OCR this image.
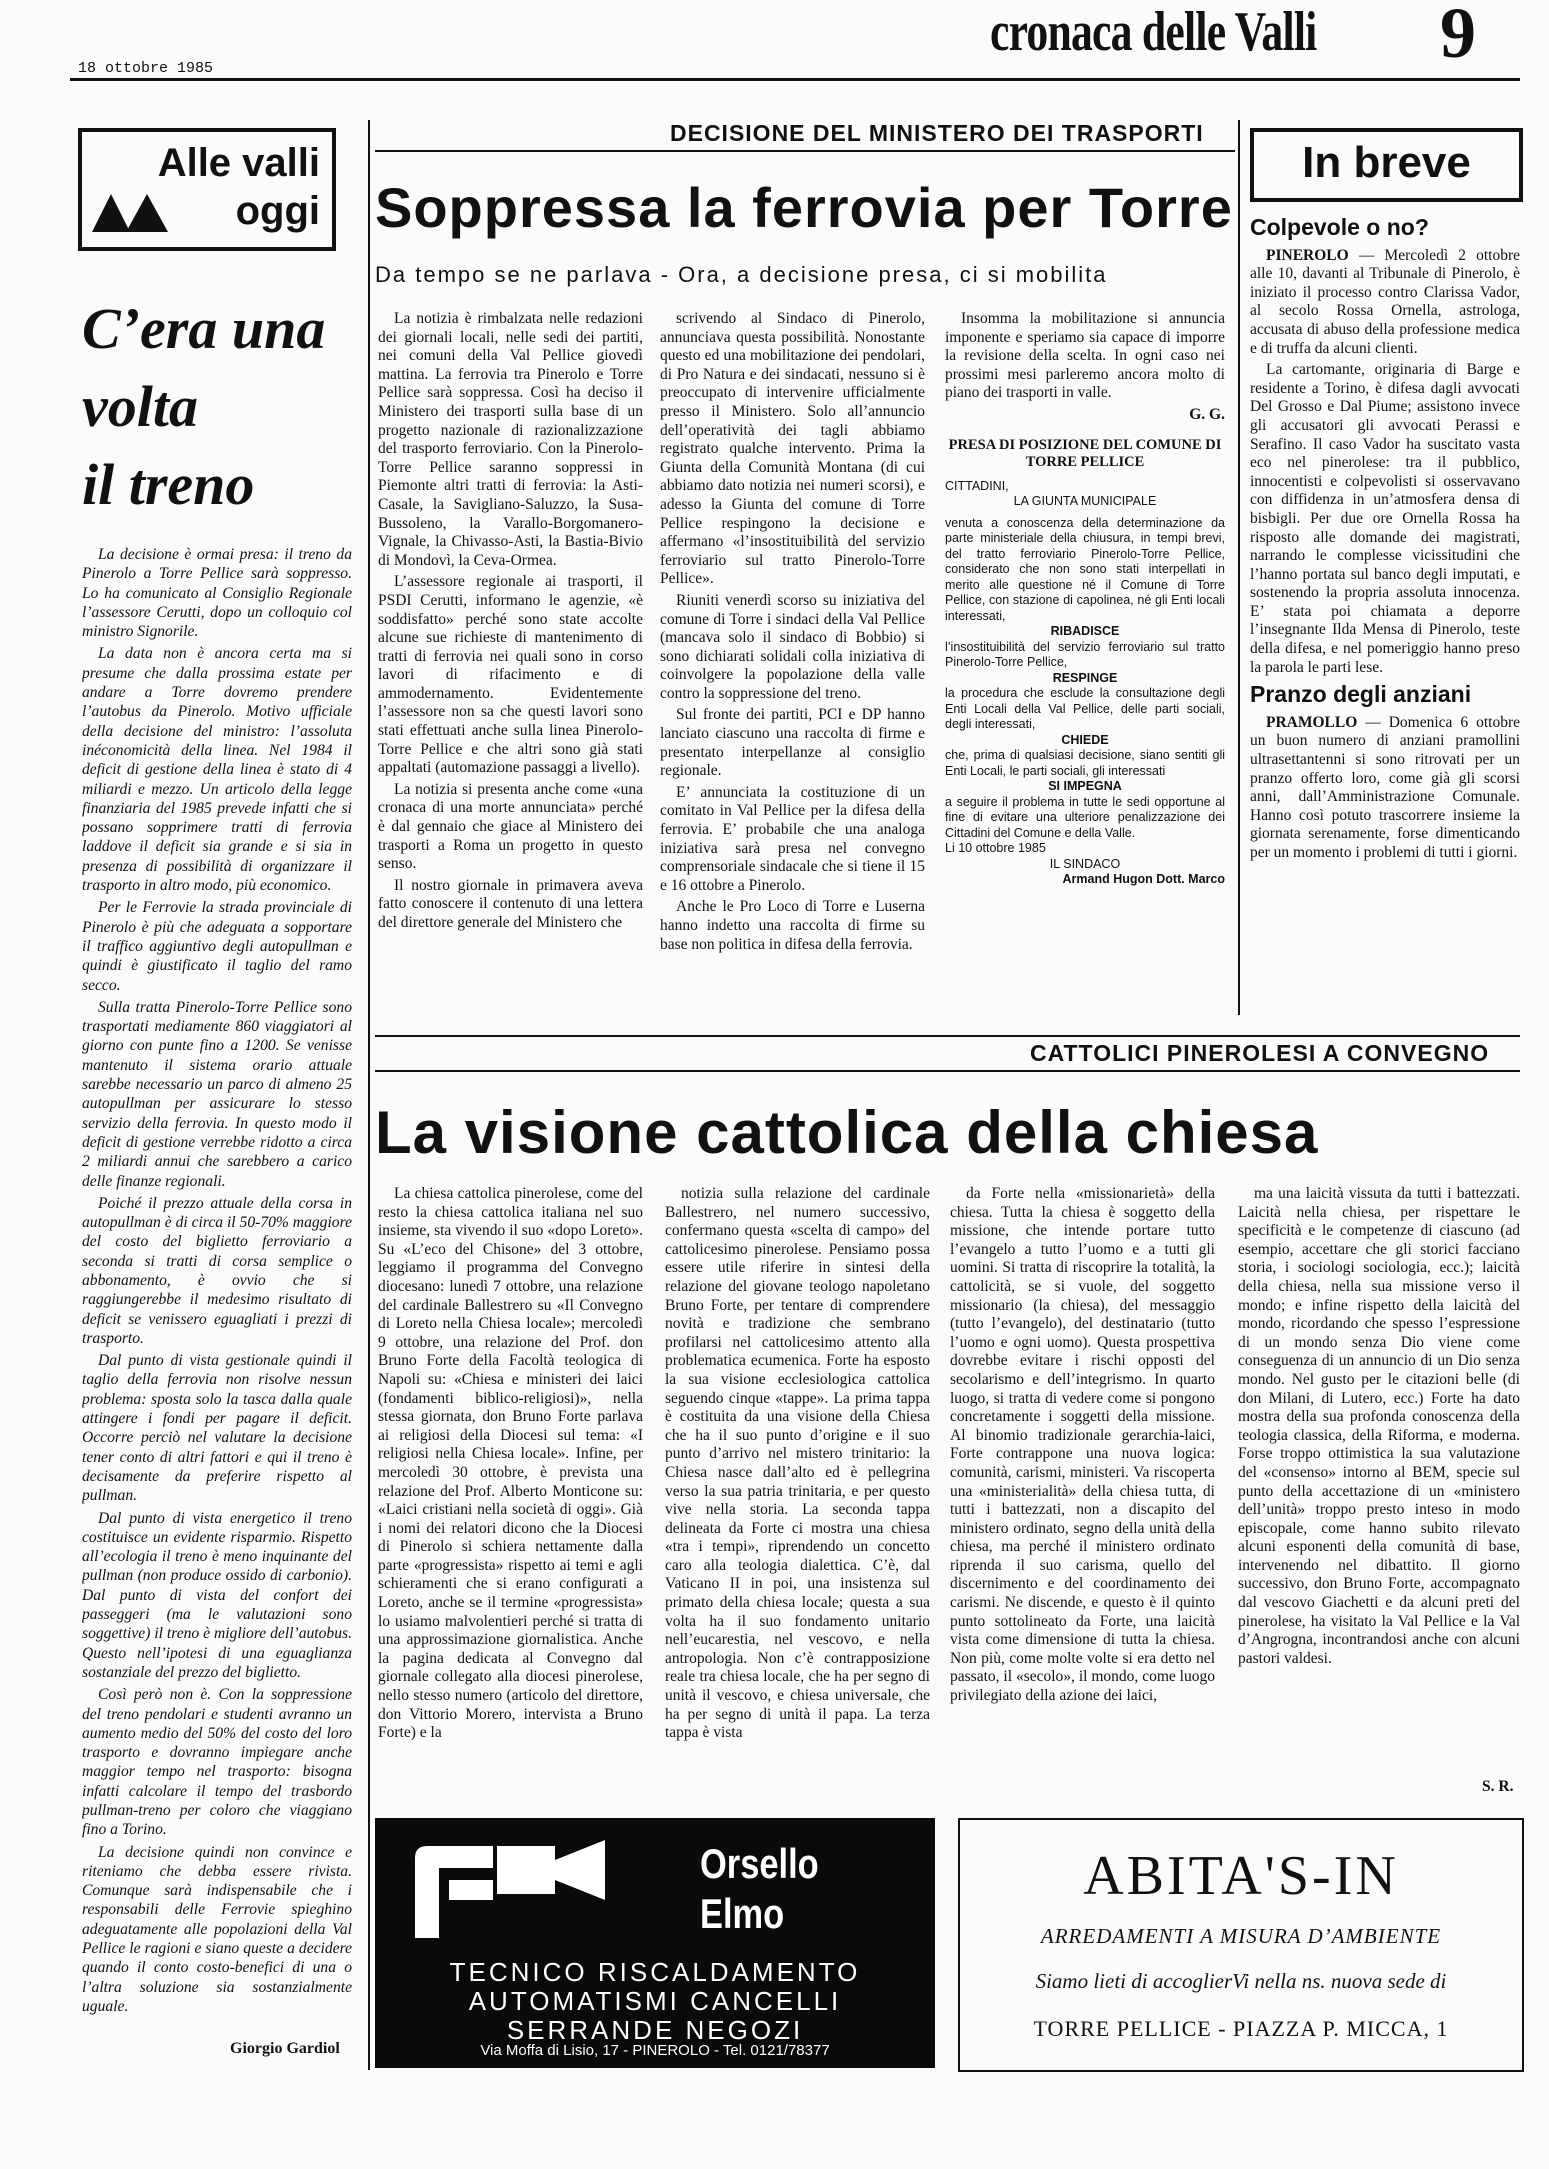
cronaca delle Valli 9
18 ottobre 1985
Alle valli
oggi
In breve
C’era una
volta
il treno

La decisione è ormai presa: il treno da Pinerolo a Torre Pellice sarà soppresso. Lo ha comunicato al Consiglio Regionale l’assessore Cerutti, dopo un colloquio col ministro Signorile.

La data non è ancora certa ma si presume che dalla prossima estate per andare a Torre dovremo prendere l’autobus da Pinerolo. Motivo ufficiale della decisione del ministro: l’assoluta inéconomicità della linea. Nel 1984 il deficit di gestione della linea è stato di 4 miliardi e mezzo. Un articolo della legge finanziaria del 1985 prevede infatti che si possano sopprimere tratti di ferrovia laddove il deficit sia grande e si sia in presenza di possibilità di organizzare il trasporto in altro modo, più economico.

Per le Ferrovie la strada provinciale di Pinerolo è più che adeguata a sopportare il traffico aggiuntivo degli autopullman e quindi è giustificato il taglio del ramo secco.

Sulla tratta Pinerolo-Torre Pellice sono trasportati mediamente 860 viaggiatori al giorno con punte fino a 1200. Se venisse mantenuto il sistema orario attuale sarebbe necessario un parco di almeno 25 autopullman per assicurare lo stesso servizio della ferrovia. In questo modo il deficit di gestione verrebbe ridotto a circa 2 miliardi annui che sarebbero a carico delle finanze regionali.

Poiché il prezzo attuale della corsa in autopullman è di circa il 50-70% maggiore del costo del biglietto ferroviario a seconda si tratti di corsa semplice o abbonamento, è ovvio che si raggiungerebbe il medesimo risultato di deficit se venissero eguagliati i prezzi di trasporto.

Dal punto di vista gestionale quindi il taglio della ferrovia non risolve nessun problema: sposta solo la tasca dalla quale attingere i fondi per pagare il deficit. Occorre perciò nel valutare la decisione tener conto di altri fattori e qui il treno è decisamente da preferire rispetto al pullman.

Dal punto di vista energetico il treno costituisce un evidente risparmio. Rispetto all’ecologia il treno è meno inquinante del pullman (non produce ossido di carbonio). Dal punto di vista del confort dei passeggeri (ma le valutazioni sono soggettive) il treno è migliore dell’autobus. Questo nell’ipotesi di una eguaglianza sostanziale del prezzo del biglietto.

Così però non è. Con la soppressione del treno pendolari e studenti avranno un aumento medio del 50% del costo del loro trasporto e dovranno impiegare anche maggior tempo nel trasporto: bisogna infatti calcolare il tempo del trasbordo pullman-treno per coloro che viaggiano fino a Torino.

La decisione quindi non convince e riteniamo che debba essere rivista. Comunque sarà indispensabile che i responsabili delle Ferrovie spieghino adeguatamente alle popolazioni della Val Pellice le ragioni e siano queste a decidere quando il conto costo-benefici di una o l’altra soluzione sia sostanzialmente uguale.

Giorgio Gardiol
DECISIONE DEL MINISTERO DEI TRASPORTI
Soppressa la ferrovia per Torre
Da tempo se ne parlava - Ora, a decisione presa, ci si mobilita

La notizia è rimbalzata nelle redazioni dei giornali locali, nelle sedi dei partiti, nei comuni della Val Pellice giovedì mattina. La ferrovia tra Pinerolo e Torre Pellice sarà soppressa. Così ha deciso il Ministero dei trasporti sulla base di un progetto nazionale di razionalizzazione del trasporto ferroviario. Con la Pinerolo-Torre Pellice saranno soppressi in Piemonte altri tratti di ferrovia: la Asti-Casale, la Savigliano-Saluzzo, la Susa-Bussoleno, la Varallo-Borgomanero-Vignale, la Chivasso-Asti, la Bastia-Bivio di Mondovì, la Ceva-Ormea.

L’assessore regionale ai trasporti, il PSDI Cerutti, informano le agenzie, «è soddisfatto» perché sono state accolte alcune sue richieste di mantenimento di tratti di ferrovia nei quali sono in corso lavori di rifacimento e di ammodernamento. Evidentemente l’assessore non sa che questi lavori sono stati effettuati anche sulla linea Pinerolo-Torre Pellice e che altri sono già stati appaltati (automazione passaggi a livello).

La notizia si presenta anche come «una cronaca di una morte annunciata» perché è dal gennaio che giace al Ministero dei trasporti a Roma un progetto in questo senso.

Il nostro giornale in primavera aveva fatto conoscere il contenuto di una lettera del direttore generale del Ministero che

scrivendo al Sindaco di Pinerolo, annunciava questa possibilità. Nonostante questo ed una mobilitazione dei pendolari, di Pro Natura e dei sindacati, nessuno si è preoccupato di intervenire ufficialmente presso il Ministero. Solo all’annuncio dell’operatività dei tagli abbiamo registrato qualche intervento. Prima la Giunta della Comunità Montana (di cui abbiamo dato notizia nei numeri scorsi), e adesso la Giunta del comune di Torre Pellice respingono la decisione e affermano «l’insostituibilità del servizio ferroviario sul tratto Pinerolo-Torre Pellice».

Riuniti venerdì scorso su iniziativa del comune di Torre i sindaci della Val Pellice (mancava solo il sindaco di Bobbio) si sono dichiarati solidali colla iniziativa di coinvolgere la popolazione della valle contro la soppressione del treno.

Sul fronte dei partiti, PCI e DP hanno lanciato ciascuno una raccolta di firme e presentato interpellanze al consiglio regionale.

E’ annunciata la costituzione di un comitato in Val Pellice per la difesa della ferrovia. E’ probabile che una analoga iniziativa sarà presa nel convegno comprensoriale sindacale che si tiene il 15 e 16 ottobre a Pinerolo.

Anche le Pro Loco di Torre e Luserna hanno indetto una raccolta di firme su base non politica in difesa della ferrovia.

Insomma la mobilitazione si annuncia imponente e speriamo sia capace di imporre la revisione della scelta. In ogni caso nei prossimi mesi parleremo ancora molto di piano dei trasporti in valle.

G. G.
PRESA DI POSIZIONE DEL COMUNE DI TORRE PELLICE
CITTADINI,
LA GIUNTA MUNICIPALE
venuta a conoscenza della determinazione da parte ministeriale della chiusura, in tempi brevi, del tratto ferroviario Pinerolo-Torre Pellice, considerato che non sono stati interpellati in merito alle questione né il Comune di Torre Pellice, con stazione di capolinea, né gli Enti locali interessati,
RIBADISCE
l’insostituibilità del servizio ferroviario sul tratto Pinerolo-Torre Pellice,
RESPINGE
la procedura che esclude la consultazione degli Enti Locali della Val Pellice, delle parti sociali, degli interessati,
CHIEDE
che, prima di qualsiasi decisione, siano sentiti gli Enti Locali, le parti sociali, gli interessati
SI IMPEGNA
a seguire il problema in tutte le sedi opportune al fine di evitare una ulteriore penalizzazione dei Cittadini del Comune e della Valle.
Li 10 ottobre 1985
IL SINDACO
Armand Hugon Dott. Marco
Colpevole o no?

PINEROLO — Mercoledì 2 ottobre alle 10, davanti al Tribunale di Pinerolo, è iniziato il processo contro Clarissa Vador, al secolo Rossa Ornella, astrologa, accusata di abuso della professione medica e di truffa da alcuni clienti.

La cartomante, originaria di Barge e residente a Torino, è difesa dagli avvocati Del Grosso e Dal Piume; assistono invece gli accusatori gli avvocati Perassi e Serafino. Il caso Vador ha suscitato vasta eco nel pinerolese: tra il pubblico, innocentisti e colpevolisti si osservavano con diffidenza in un’atmosfera densa di bisbigli. Per due ore Ornella Rossa ha risposto alle domande dei magistrati, narrando le complesse vicissitudini che l’hanno portata sul banco degli imputati, e sostenendo la propria assoluta innocenza. E’ stata poi chiamata a deporre l’insegnante Ilda Mensa di Pinerolo, teste della difesa, e nel pomeriggio hanno preso la parola le parti lese.

Pranzo degli anziani

PRAMOLLO — Domenica 6 ottobre un buon numero di anziani pramollini ultrasettantenni si sono ritrovati per un pranzo offerto loro, come già gli scorsi anni, dall’Amministrazione Comunale. Hanno così potuto trascorrere insieme la giornata serenamente, forse dimenticando per un momento i problemi di tutti i giorni.

CATTOLICI PINEROLESI A CONVEGNO
La visione cattolica della chiesa

La chiesa cattolica pinerolese, come del resto la chiesa cattolica italiana nel suo insieme, sta vivendo il suo «dopo Loreto». Su «L’eco del Chisone» del 3 ottobre, leggiamo il programma del Convegno diocesano: lunedì 7 ottobre, una relazione del cardinale Ballestrero su «Il Convegno di Loreto nella Chiesa locale»; mercoledì 9 ottobre, una relazione del Prof. don Bruno Forte della Facoltà teologica di Napoli su: «Chiesa e ministeri dei laici (fondamenti biblico-religiosi)», nella stessa giornata, don Bruno Forte parlava ai religiosi della Diocesi sul tema: «I religiosi nella Chiesa locale». Infine, per mercoledì 30 ottobre, è prevista una relazione del Prof. Alberto Monticone su: «Laici cristiani nella società di oggi». Già i nomi dei relatori dicono che la Diocesi di Pinerolo si schiera nettamente dalla parte «progressista» rispetto ai temi e agli schieramenti che si erano configurati a Loreto, anche se il termine «progressista» lo usiamo malvolentieri perché si tratta di una approssimazione giornalistica. Anche la pagina dedicata al Convegno dal giornale collegato alla diocesi pinerolese, nello stesso numero (articolo del direttore, don Vittorio Morero, intervista a Bruno Forte) e la

notizia sulla relazione del cardinale Ballestrero, nel numero successivo, confermano questa «scelta di campo» del cattolicesimo pinerolese. Pensiamo possa essere utile riferire in sintesi della relazione del giovane teologo napoletano Bruno Forte, per tentare di comprendere novità e tradizione che sembrano profilarsi nel cattolicesimo attento alla problematica ecumenica. Forte ha esposto la sua visione ecclesiologica cattolica seguendo cinque «tappe». La prima tappa è costituita da una visione della Chiesa che ha il suo punto d’origine e il suo punto d’arrivo nel mistero trinitario: la Chiesa nasce dall’alto ed è pellegrina verso la sua patria trinitaria, e per questo vive nella storia. La seconda tappa delineata da Forte ci mostra una chiesa «tra i tempi», riprendendo un concetto caro alla teologia dialettica. C’è, dal Vaticano II in poi, una insistenza sul primato della chiesa locale; questa a sua volta ha il suo fondamento unitario nell’eucarestia, nel vescovo, e nella antropologia. Non c’è contrapposizione reale tra chiesa locale, che ha per segno di unità il vescovo, e chiesa universale, che ha per segno di unità il papa. La terza tappa è vista

da Forte nella «missionarietà» della chiesa. Tutta la chiesa è soggetto della missione, che intende portare tutto l’evangelo a tutto l’uomo e a tutti gli uomini. Si tratta di riscoprire la totalità, la cattolicità, se si vuole, del soggetto missionario (la chiesa), del messaggio (tutto l’evangelo), del destinatario (tutto l’uomo e ogni uomo). Questa prospettiva dovrebbe evitare i rischi opposti del secolarismo e dell’integrismo. In quarto luogo, si tratta di vedere come si pongono concretamente i soggetti della missione. Al binomio tradizionale gerarchia-laici, Forte contrappone una nuova logica: comunità, carismi, ministeri. Va riscoperta una «ministerialità» della chiesa tutta, di tutti i battezzati, non a discapito del ministero ordinato, segno della unità della chiesa, ma perché il ministero ordinato riprenda il suo carisma, quello del discernimento e del coordinamento dei carismi. Ne discende, e questo è il quinto punto sottolineato da Forte, una laicità vista come dimensione di tutta la chiesa. Non più, come molte volte si era detto nel passato, il «secolo», il mondo, come luogo privilegiato della azione dei laici,

ma una laicità vissuta da tutti i battezzati. Laicità nella chiesa, per rispettare le specificità e le competenze di ciascuno (ad esempio, accettare che gli storici facciano storia, i sociologi sociologia, ecc.); laicità della chiesa, nella sua missione verso il mondo; e infine rispetto della laicità del mondo, ricordando che spesso l’espressione di un mondo senza Dio viene come conseguenza di un annuncio di un Dio senza mondo. Nel gusto per le citazioni belle (di don Milani, di Lutero, ecc.) Forte ha dato mostra della sua profonda conoscenza della teologia classica, della Riforma, e moderna. Forse troppo ottimistica la sua valutazione del «consenso» intorno al BEM, specie sul punto della accettazione di un «ministero dell’unità» troppo presto inteso in modo episcopale, come hanno subito rilevato alcuni esponenti della comunità di base, intervenendo nel dibattito. Il giorno successivo, don Bruno Forte, accompagnato dal vescovo Giachetti e da alcuni preti del pinerolese, ha visitato la Val Pellice e la Val d’Angrogna, incontrandosi anche con alcuni pastori valdesi.

S. R.
Orsello
Elmo
TECNICO RISCALDAMENTO
AUTOMATISMI CANCELLI
SERRANDE NEGOZI
Via Moffa di Lisio, 17 - PINEROLO - Tel. 0121/78377
ABITA'S-IN
ARREDAMENTI A MISURA D’AMBIENTE
Siamo lieti di accoglierVi nella ns. nuova sede di
TORRE PELLICE - PIAZZA P. MICCA, 1
